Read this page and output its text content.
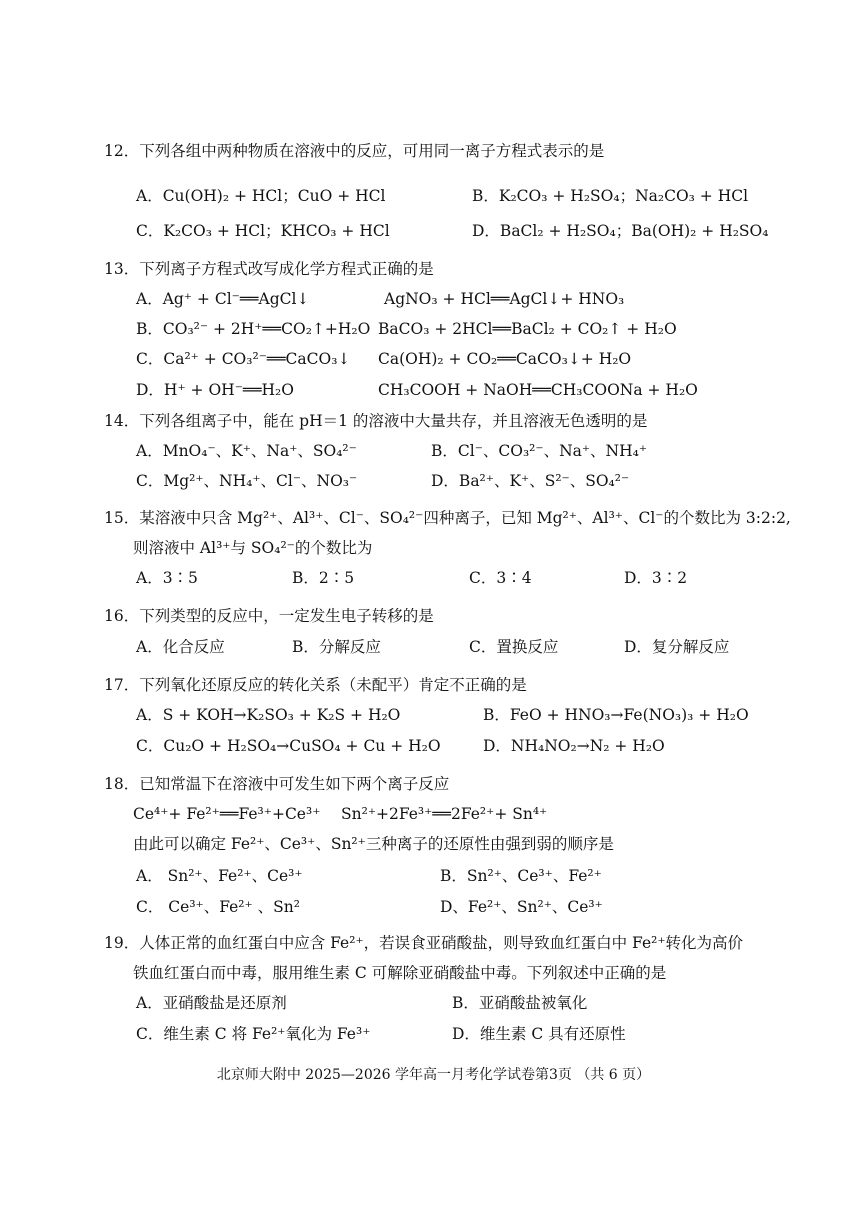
12．下列各组中两种物质在溶液中的反应，可用同一离子方程式表示的是
A．Cu(OH)₂ + HCl；CuO + HCl	B．K₂CO₃ + H₂SO₄；Na₂CO₃ + HCl
C．K₂CO₃ + HCl；KHCO₃ + HCl	D．BaCl₂ + H₂SO₄；Ba(OH)₂ + H₂SO₄
13．下列离子方程式改写成化学方程式正确的是
A．Ag⁺ + Cl⁻══AgCl↓	AgNO₃ + HCl══AgCl↓+ HNO₃
B．CO₃²⁻ + 2H⁺══CO₂↑+H₂O BaCO₃ + 2HCl══BaCl₂ + CO₂↑ + H₂O
C．Ca²⁺ + CO₃²⁻══CaCO₃↓ Ca(OH)₂ + CO₂══CaCO₃↓+ H₂O
D．H⁺ + OH⁻══H₂O	CH₃COOH + NaOH══CH₃COONa + H₂O
14．下列各组离子中，能在 pH＝1 的溶液中大量共存，并且溶液无色透明的是
A．MnO₄⁻、K⁺、Na⁺、SO₄²⁻	B．Cl⁻、CO₃²⁻、Na⁺、NH₄⁺
C．Mg²⁺、NH₄⁺、Cl⁻、NO₃⁻	D．Ba²⁺、K⁺、S²⁻、SO₄²⁻
15．某溶液中只含 Mg²⁺、Al³⁺、Cl⁻、SO₄²⁻四种离子，已知 Mg²⁺、Al³⁺、Cl⁻的个数比为 3:2:2,
则溶液中 Al³⁺与 SO₄²⁻的个数比为
A．3∶5	B．2∶5	C．3∶4	D．3∶2
16．下列类型的反应中，一定发生电子转移的是
A．化合反应	B．分解反应	C．置换反应	D．复分解反应
17．下列氧化还原反应的转化关系（未配平）肯定不正确的是
A．S + KOH→K₂SO₃ + K₂S + H₂O	B．FeO + HNO₃→Fe(NO₃)₃ + H₂O
C．Cu₂O + H₂SO₄→CuSO₄ + Cu + H₂O	D．NH₄NO₂→N₂ + H₂O
18．已知常温下在溶液中可发生如下两个离子反应
Ce⁴⁺+ Fe²⁺══Fe³⁺+Ce³⁺ Sn²⁺+2Fe³⁺══2Fe²⁺+ Sn⁴⁺
由此可以确定 Fe²⁺、Ce³⁺、Sn²⁺三种离子的还原性由强到弱的顺序是
A． Sn²⁺、Fe²⁺、Ce³⁺	B．Sn²⁺、Ce³⁺、Fe²⁺
C． Ce³⁺、Fe²⁺ 、Sn²	D、Fe²⁺、Sn²⁺、Ce³⁺
19．人体正常的血红蛋白中应含 Fe²⁺，若误食亚硝酸盐，则导致血红蛋白中 Fe²⁺转化为高价
铁血红蛋白而中毒，服用维生素 C 可解除亚硝酸盐中毒。下列叙述中正确的是
A．亚硝酸盐是还原剂	B．亚硝酸盐被氧化
C．维生素 C 将 Fe²⁺氧化为 Fe³⁺	D．维生素 C 具有还原性
北京师大附中 2025—2026 学年高一月考化学试卷第3页 （共 6 页）
